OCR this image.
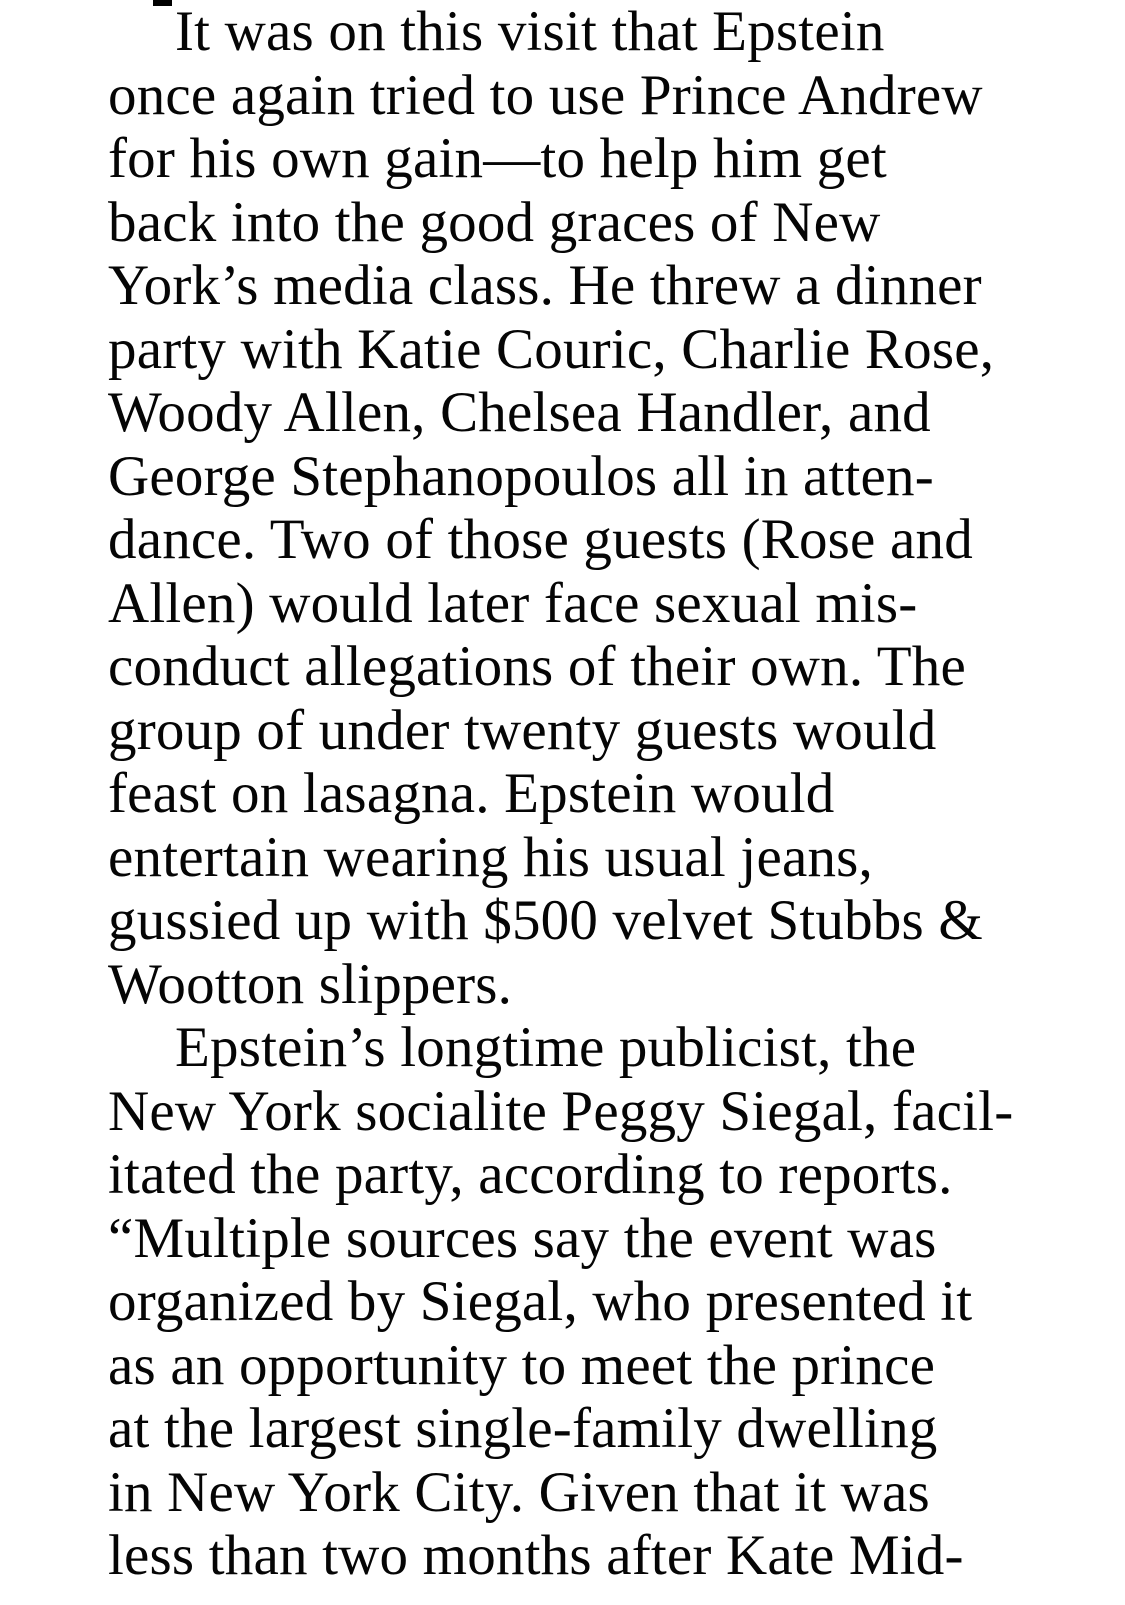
It was on this visit that Epstein
once again tried to use Prince Andrew
for his own gain—to help him get
back into the good graces of New
York’s media class. He threw a dinner
party with Katie Couric, Charlie Rose,
Woody Allen, Chelsea Handler, and
George Stephanopoulos all in atten-
dance. Two of those guests (Rose and
Allen) would later face sexual mis-
conduct allegations of their own. The
group of under twenty guests would
feast on lasagna. Epstein would
entertain wearing his usual jeans,
gussied up with $500 velvet Stubbs &
Wootton slippers.
Epstein’s longtime publicist, the
New York socialite Peggy Siegal, facil-
itated the party, according to reports.
“Multiple sources say the event was
organized by Siegal, who presented it
as an opportunity to meet the prince
at the largest single-family dwelling
in New York City. Given that it was
less than two months after Kate Mid-
